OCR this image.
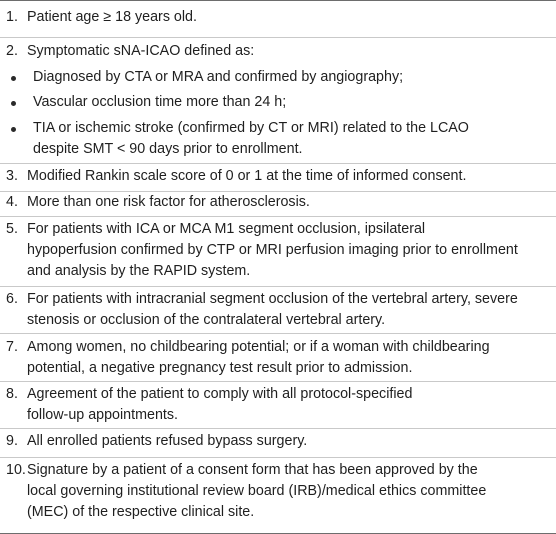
1. Patient age ≥ 18 years old.
2. Symptomatic sNA-ICAO defined as:
Diagnosed by CTA or MRA and confirmed by angiography;
Vascular occlusion time more than 24 h;
TIA or ischemic stroke (confirmed by CT or MRI) related to the LCAO
despite SMT < 90 days prior to enrollment.
3. Modified Rankin scale score of 0 or 1 at the time of informed consent.
4. More than one risk factor for atherosclerosis.
5. For patients with ICA or MCA M1 segment occlusion, ipsilateral
hypoperfusion confirmed by CTP or MRI perfusion imaging prior to enrollment
and analysis by the RAPID system.
6. For patients with intracranial segment occlusion of the vertebral artery, severe
stenosis or occlusion of the contralateral vertebral artery.
7. Among women, no childbearing potential; or if a woman with childbearing
potential, a negative pregnancy test result prior to admission.
8. Agreement of the patient to comply with all protocol-specified
follow-up appointments.
9. All enrolled patients refused bypass surgery.
10. Signature by a patient of a consent form that has been approved by the
local governing institutional review board (IRB)/medical ethics committee
(MEC) of the respective clinical site.
